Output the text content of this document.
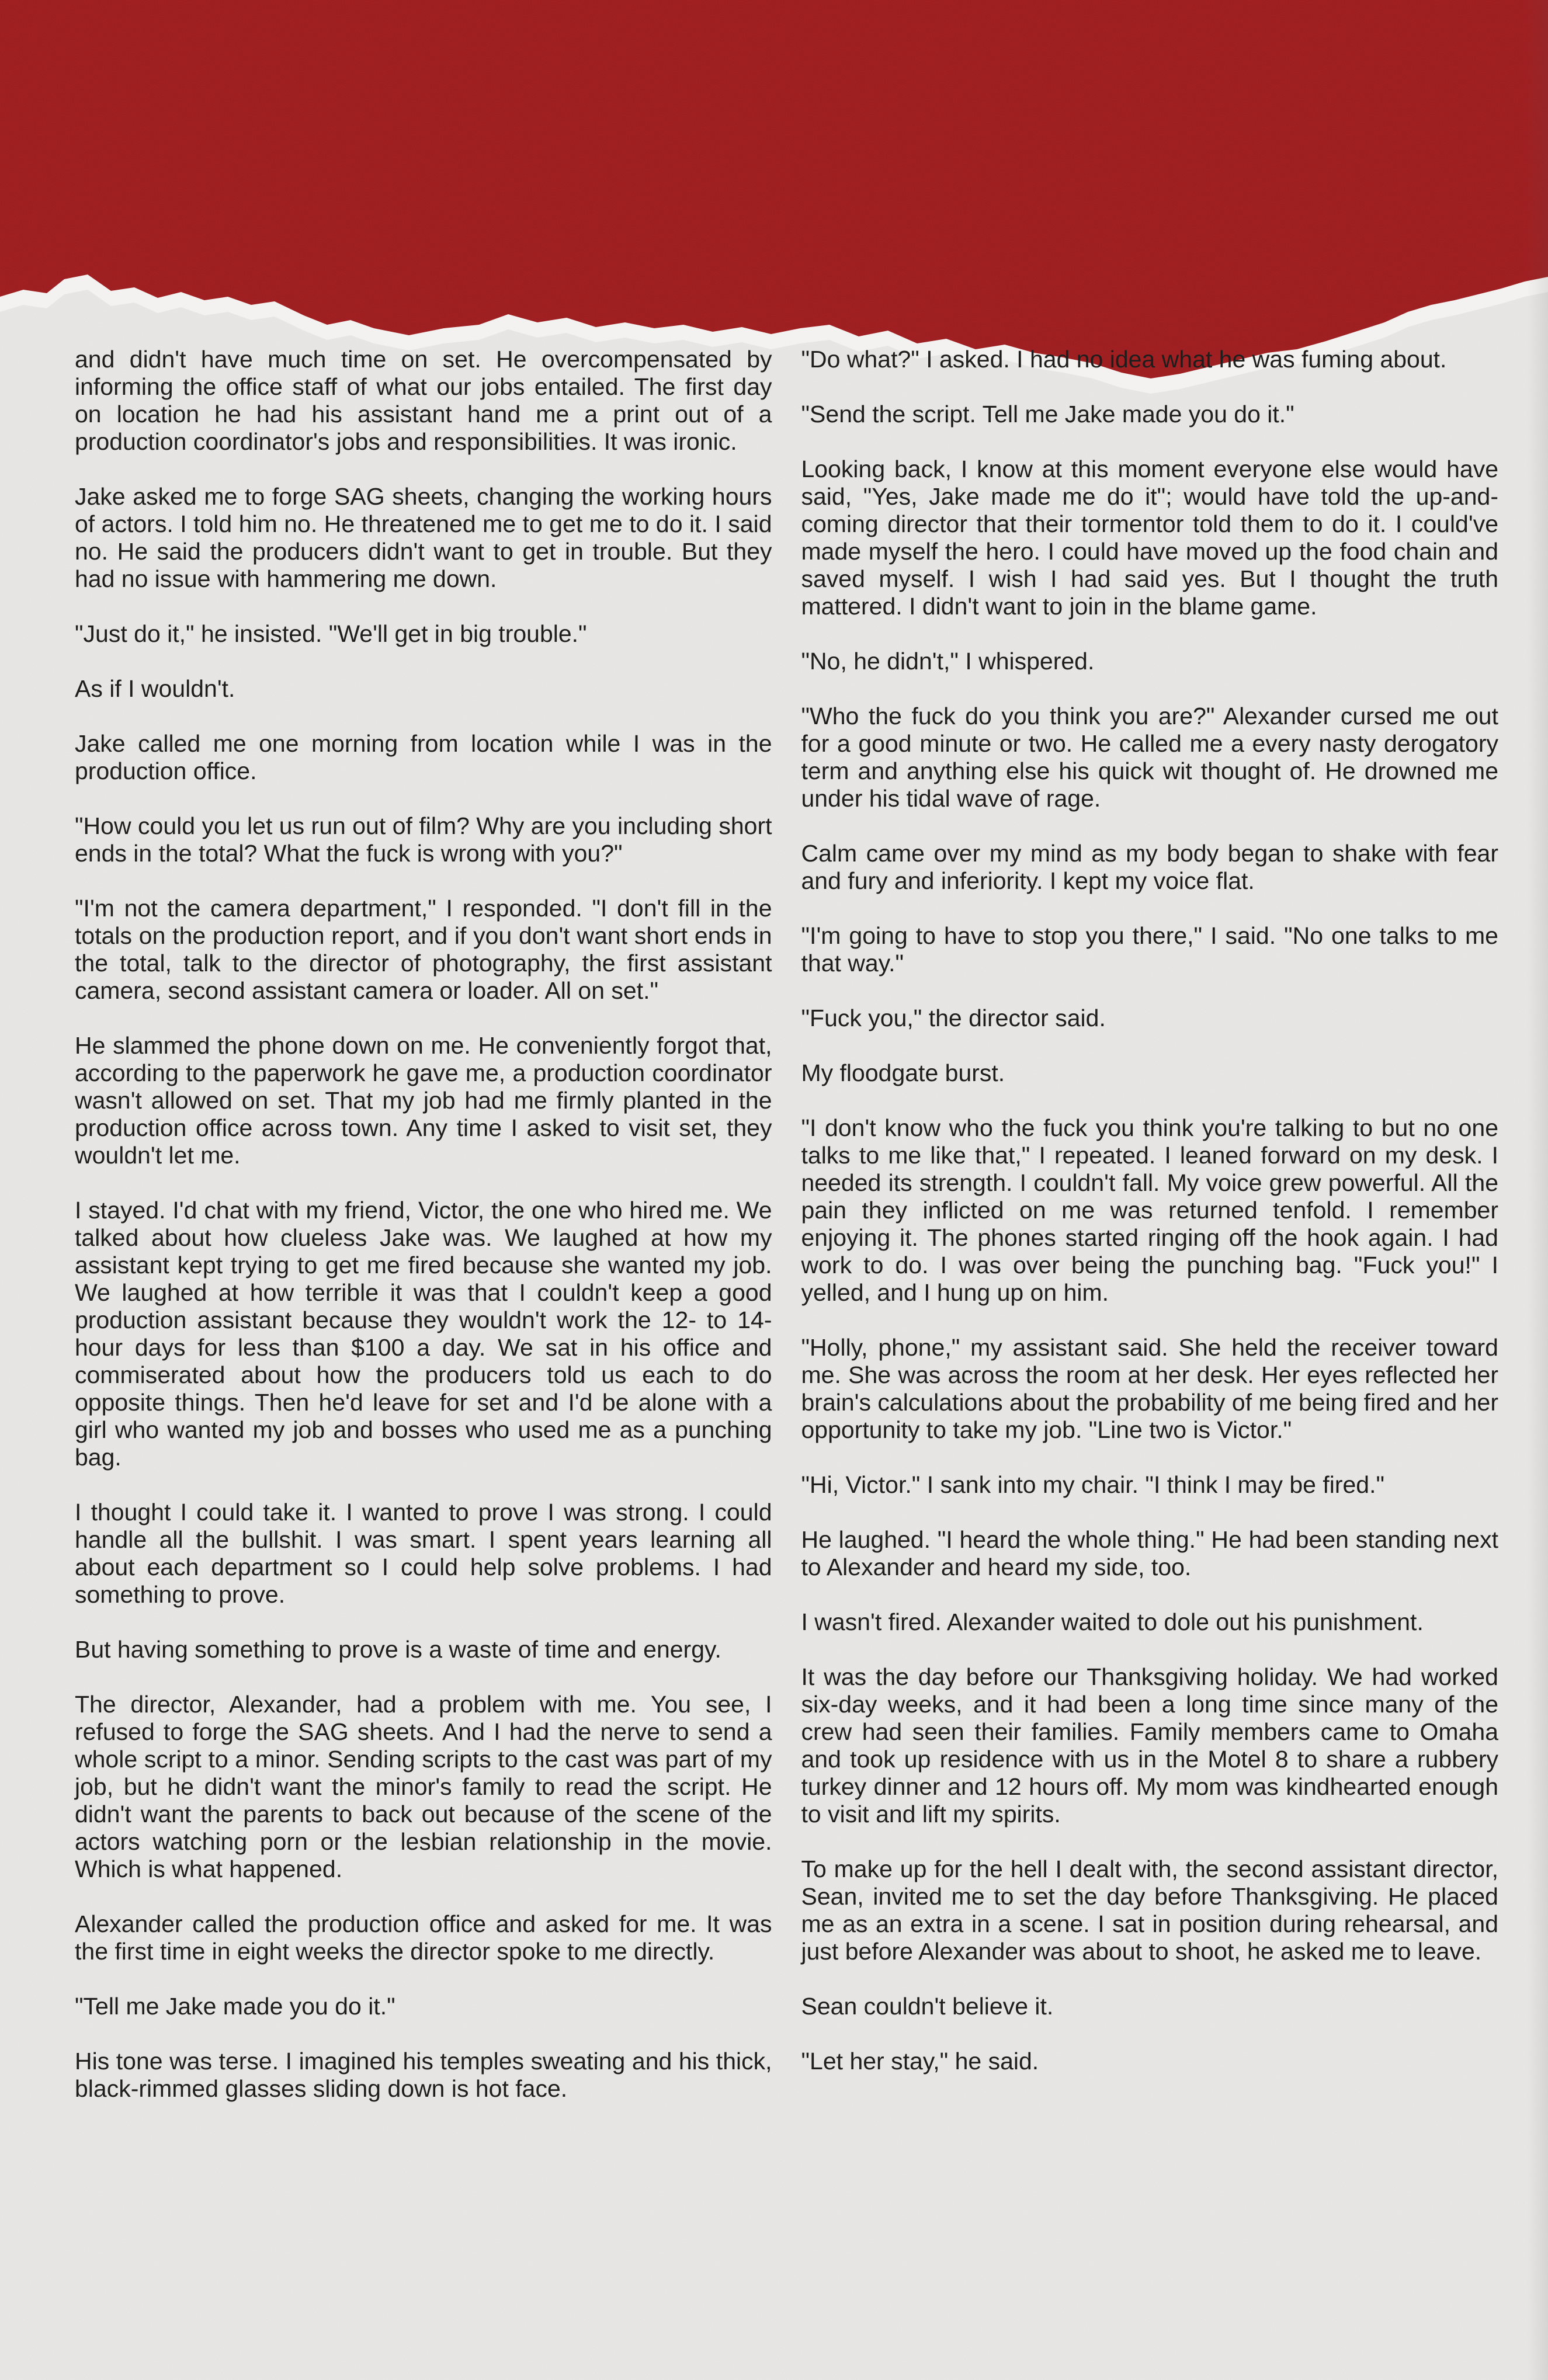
and didn't have much time on set. He overcompensated by informing the office staff of what our jobs entailed. The first day on location he had his assistant hand me a print out of a production coordinator's jobs and responsibilities. It was ironic.

Jake asked me to forge SAG sheets, changing the working hours of actors. I told him no. He threatened me to get me to do it. I said no. He said the producers didn't want to get in trouble. But they had no issue with hammering me down.

"Just do it," he insisted. "We'll get in big trouble."

As if I wouldn't.

Jake called me one morning from location while I was in the production office.

"How could you let us run out of film? Why are you including short ends in the total? What the fuck is wrong with you?"

"I'm not the camera department," I responded. "I don't fill in the totals on the production report, and if you don't want short ends in the total, talk to the director of photography, the first assistant camera, second assistant camera or loader. All on set."

He slammed the phone down on me. He conveniently forgot that, according to the paperwork he gave me, a production coordinator wasn't allowed on set. That my job had me firmly planted in the production office across town. Any time I asked to visit set, they wouldn't let me.

I stayed. I'd chat with my friend, Victor, the one who hired me. We talked about how clueless Jake was. We laughed at how my assistant kept trying to get me fired because she wanted my job. We laughed at how terrible it was that I couldn't keep a good production assistant because they wouldn't work the 12- to 14-hour days for less than $100 a day. We sat in his office and commiserated about how the producers told us each to do opposite things. Then he'd leave for set and I'd be alone with a girl who wanted my job and bosses who used me as a punching bag.

I thought I could take it. I wanted to prove I was strong. I could handle all the bullshit. I was smart. I spent years learning all about each department so I could help solve problems. I had something to prove.

But having something to prove is a waste of time and energy.

The director, Alexander, had a problem with me. You see, I refused to forge the SAG sheets. And I had the nerve to send a whole script to a minor. Sending scripts to the cast was part of my job, but he didn't want the minor's family to read the script. He didn't want the parents to back out because of the scene of the actors watching porn or the lesbian relationship in the movie. Which is what happened.

Alexander called the production office and asked for me. It was the first time in eight weeks the director spoke to me directly.

"Tell me Jake made you do it."

His tone was terse. I imagined his temples sweating and his thick, black-rimmed glasses sliding down is hot face.

"Do what?" I asked. I had no idea what he was fuming about.

"Send the script. Tell me Jake made you do it."

Looking back, I know at this moment everyone else would have said, "Yes, Jake made me do it"; would have told the up-and-coming director that their tormentor told them to do it. I could've made myself the hero. I could have moved up the food chain and saved myself. I wish I had said yes. But I thought the truth mattered. I didn't want to join in the blame game.

"No, he didn't," I whispered.

"Who the fuck do you think you are?" Alexander cursed me out for a good minute or two. He called me a every nasty derogatory term and anything else his quick wit thought of. He drowned me under his tidal wave of rage.

Calm came over my mind as my body began to shake with fear and fury and inferiority. I kept my voice flat.

"I'm going to have to stop you there," I said. "No one talks to me that way."

"Fuck you," the director said.

My floodgate burst.

"I don't know who the fuck you think you're talking to but no one talks to me like that," I repeated. I leaned forward on my desk. I needed its strength. I couldn't fall. My voice grew powerful. All the pain they inflicted on me was returned tenfold. I remember enjoying it. The phones started ringing off the hook again. I had work to do. I was over being the punching bag. "Fuck you!" I yelled, and I hung up on him.

"Holly, phone," my assistant said. She held the receiver toward me. She was across the room at her desk. Her eyes reflected her brain's calculations about the probability of me being fired and her opportunity to take my job. "Line two is Victor."

"Hi, Victor." I sank into my chair. "I think I may be fired."

He laughed. "I heard the whole thing." He had been standing next to Alexander and heard my side, too.

I wasn't fired. Alexander waited to dole out his punishment.

It was the day before our Thanksgiving holiday. We had worked six-day weeks, and it had been a long time since many of the crew had seen their families. Family members came to Omaha and took up residence with us in the Motel 8 to share a rubbery turkey dinner and 12 hours off. My mom was kindhearted enough to visit and lift my spirits.

To make up for the hell I dealt with, the second assistant director, Sean, invited me to set the day before Thanksgiving. He placed me as an extra in a scene. I sat in position during rehearsal, and just before Alexander was about to shoot, he asked me to leave.

Sean couldn't believe it.

"Let her stay," he said.
